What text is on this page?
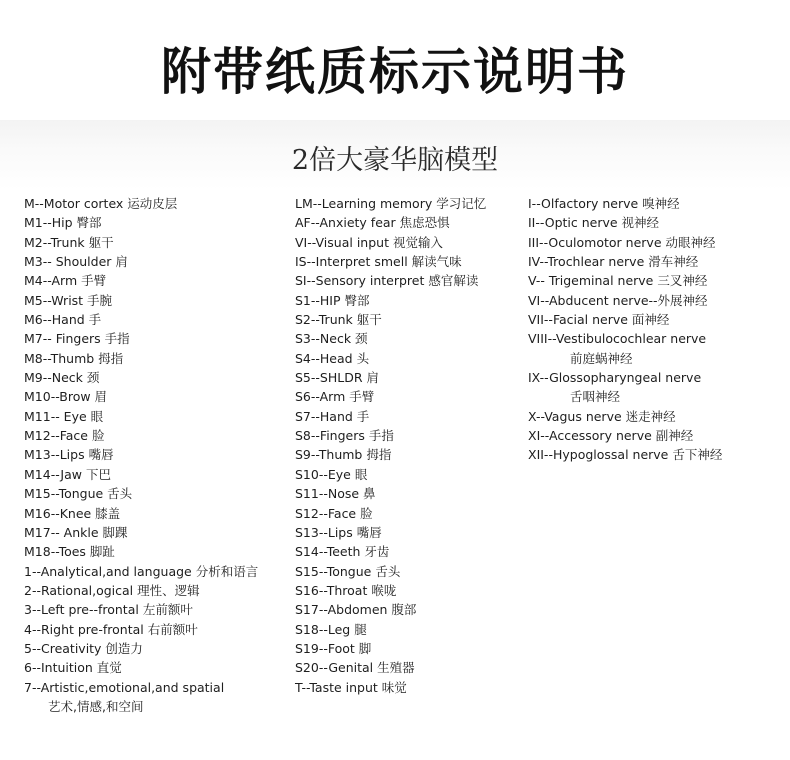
附带纸质标示说明书
2倍大豪华脑模型
M--Motor cortex 运动皮层
M1--Hip 臀部
M2--Trunk 躯干
M3-- Shoulder 肩
M4--Arm 手臂
M5--Wrist 手腕
M6--Hand 手
M7-- Fingers 手指
M8--Thumb 拇指
M9--Neck 颈
M10--Brow 眉
M11-- Eye 眼
M12--Face 脸
M13--Lips 嘴唇
M14--Jaw 下巴
M15--Tongue 舌头
M16--Knee 膝盖
M17-- Ankle 脚踝
M18--Toes 脚趾
1--Analytical,and language 分析和语言
2--Rational,ogical 理性、逻辑
3--Left pre--frontal 左前额叶
4--Right pre-frontal 右前额叶
5--Creativity 创造力
6--Intuition 直觉
7--Artistic,emotional,and spatial
艺术,情感,和空间
LM--Learning memory 学习记忆
AF--Anxiety fear 焦虑恐惧
VI--Visual input 视觉输入
IS--Interpret smell 解读气味
SI--Sensory interpret 感官解读
S1--HIP 臀部
S2--Trunk 躯干
S3--Neck 颈
S4--Head 头
S5--SHLDR 肩
S6--Arm 手臂
S7--Hand 手
S8--Fingers 手指
S9--Thumb 拇指
S10--Eye 眼
S11--Nose 鼻
S12--Face 脸
S13--Lips 嘴唇
S14--Teeth 牙齿
S15--Tongue 舌头
S16--Throat 喉咙
S17--Abdomen 腹部
S18--Leg 腿
S19--Foot 脚
S20--Genital 生殖器
T--Taste input 味觉
I--Olfactory nerve 嗅神经
II--Optic nerve 视神经
III--Oculomotor nerve 动眼神经
IV--Trochlear nerve 滑车神经
V-- Trigeminal nerve 三叉神经
VI--Abducent nerve--外展神经
VII--Facial nerve 面神经
VIII--Vestibulocochlear nerve
前庭蜗神经
IX--Glossopharyngeal nerve
舌咽神经
X--Vagus nerve 迷走神经
XI--Accessory nerve 副神经
XII--Hypoglossal nerve 舌下神经
